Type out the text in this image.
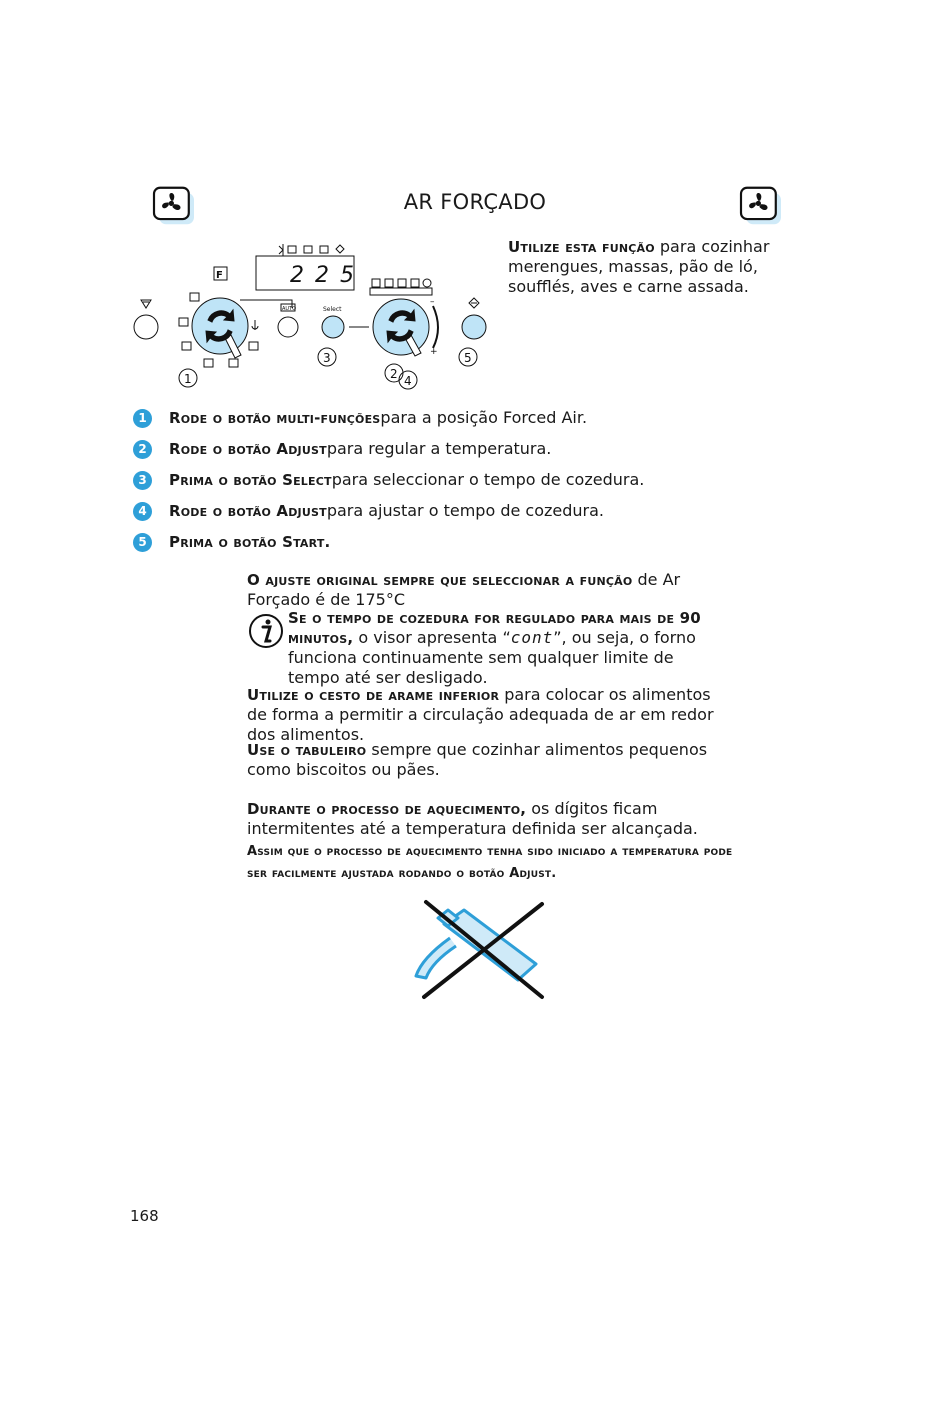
AR FORÇADO
Utilize esta função para cozinhar merengues, massas, pão de ló, soufflés, aves e carne assada.
2 2 5
F
AUTO	Select
–
+
1	2
3
4
5
1	Rode o botão multi-funções para a posição Forced Air.
2	Rode o botão Adjust para regular a temperatura.
3	Prima o botão Select para seleccionar o tempo de cozedura.
4	Rode o botão Adjust para ajustar o tempo de cozedura.
5	Prima o botão Start.
O ajuste original sempre que seleccionar a função de Ar Forçado é de 175°C
Se o tempo de cozedura for regulado para mais de 90 minutos, o visor apresenta “cont”, ou seja, o forno funciona continuamente sem qualquer limite de tempo até ser desligado.
Utilize o cesto de arame inferior para colocar os alimentos de forma a permitir a circulação adequada de ar em redor dos alimentos.
Use o tabuleiro sempre que cozinhar alimentos pequenos como biscoitos ou pães.
Durante o processo de aquecimento, os dígitos ficam intermitentes até a temperatura definida ser alcançada.
Assim que o processo de aquecimento tenha sido iniciado a temperatura pode ser facilmente ajustada rodando o botão Adjust.
168
